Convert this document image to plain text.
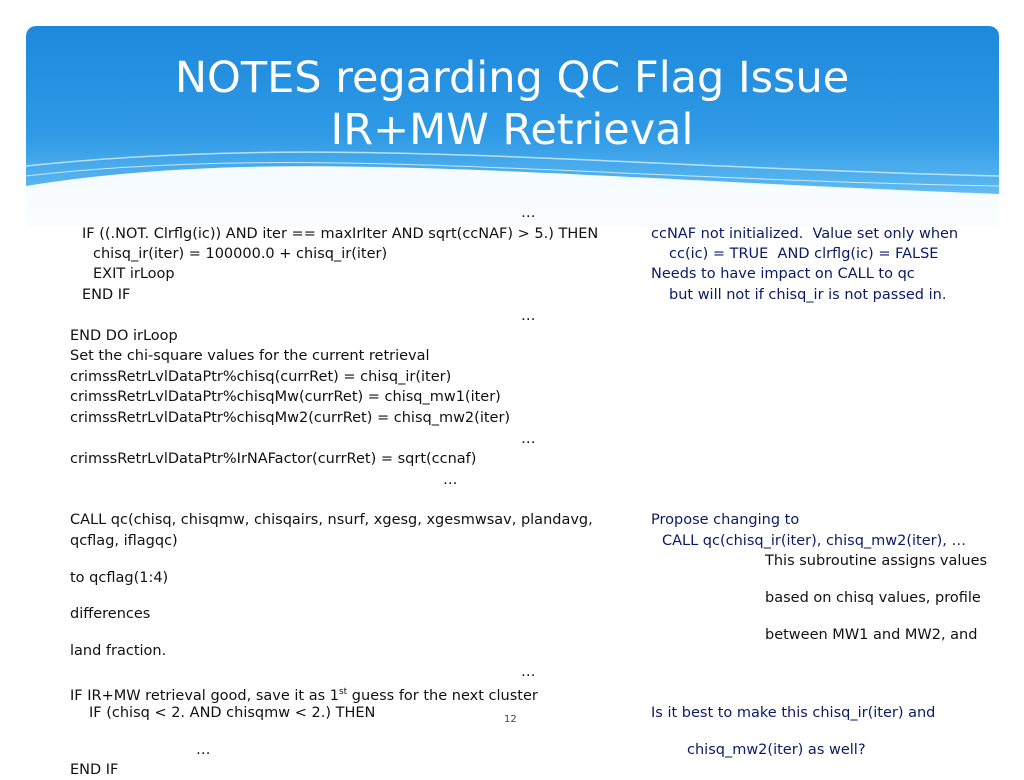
NOTES regarding QC Flag Issue
IR+MW Retrieval
…
IF ((.NOT. Clrflg(ic)) AND iter == maxIrIter AND sqrt(ccNAF) > 5.) THEN
chisq_ir(iter) = 100000.0 + chisq_ir(iter)
EXIT irLoop
END IF
…
END DO irLoop
Set the chi-square values for the current retrieval
crimssRetrLvlDataPtr%chisq(currRet) = chisq_ir(iter)
crimssRetrLvlDataPtr%chisqMw(currRet) = chisq_mw1(iter)
crimssRetrLvlDataPtr%chisqMw2(currRet) = chisq_mw2(iter)
…
crimssRetrLvlDataPtr%IrNAFactor(currRet) = sqrt(ccnaf)
…
CALL qc(chisq, chisqmw, chisqairs, nsurf, xgesg, xgesmwsav, plandavg,
qcflag, iflagqc)
to qcflag(1:4)
differences
land fraction.
…
IF IR+MW retrieval good, save it as 1st guess for the next cluster
IF (chisq < 2. AND chisqmw < 2.) THEN
…
END IF
ccNAF not initialized.  Value set only when
cc(ic) = TRUE  AND clrflg(ic) = FALSE
Needs to have impact on CALL to qc
but will not if chisq_ir is not passed in.
Propose changing to
CALL qc(chisq_ir(iter), chisq_mw2(iter), …
This subroutine assigns values
based on chisq values, profile
between MW1 and MW2, and
Is it best to make this chisq_ir(iter) and
chisq_mw2(iter) as well?
12
